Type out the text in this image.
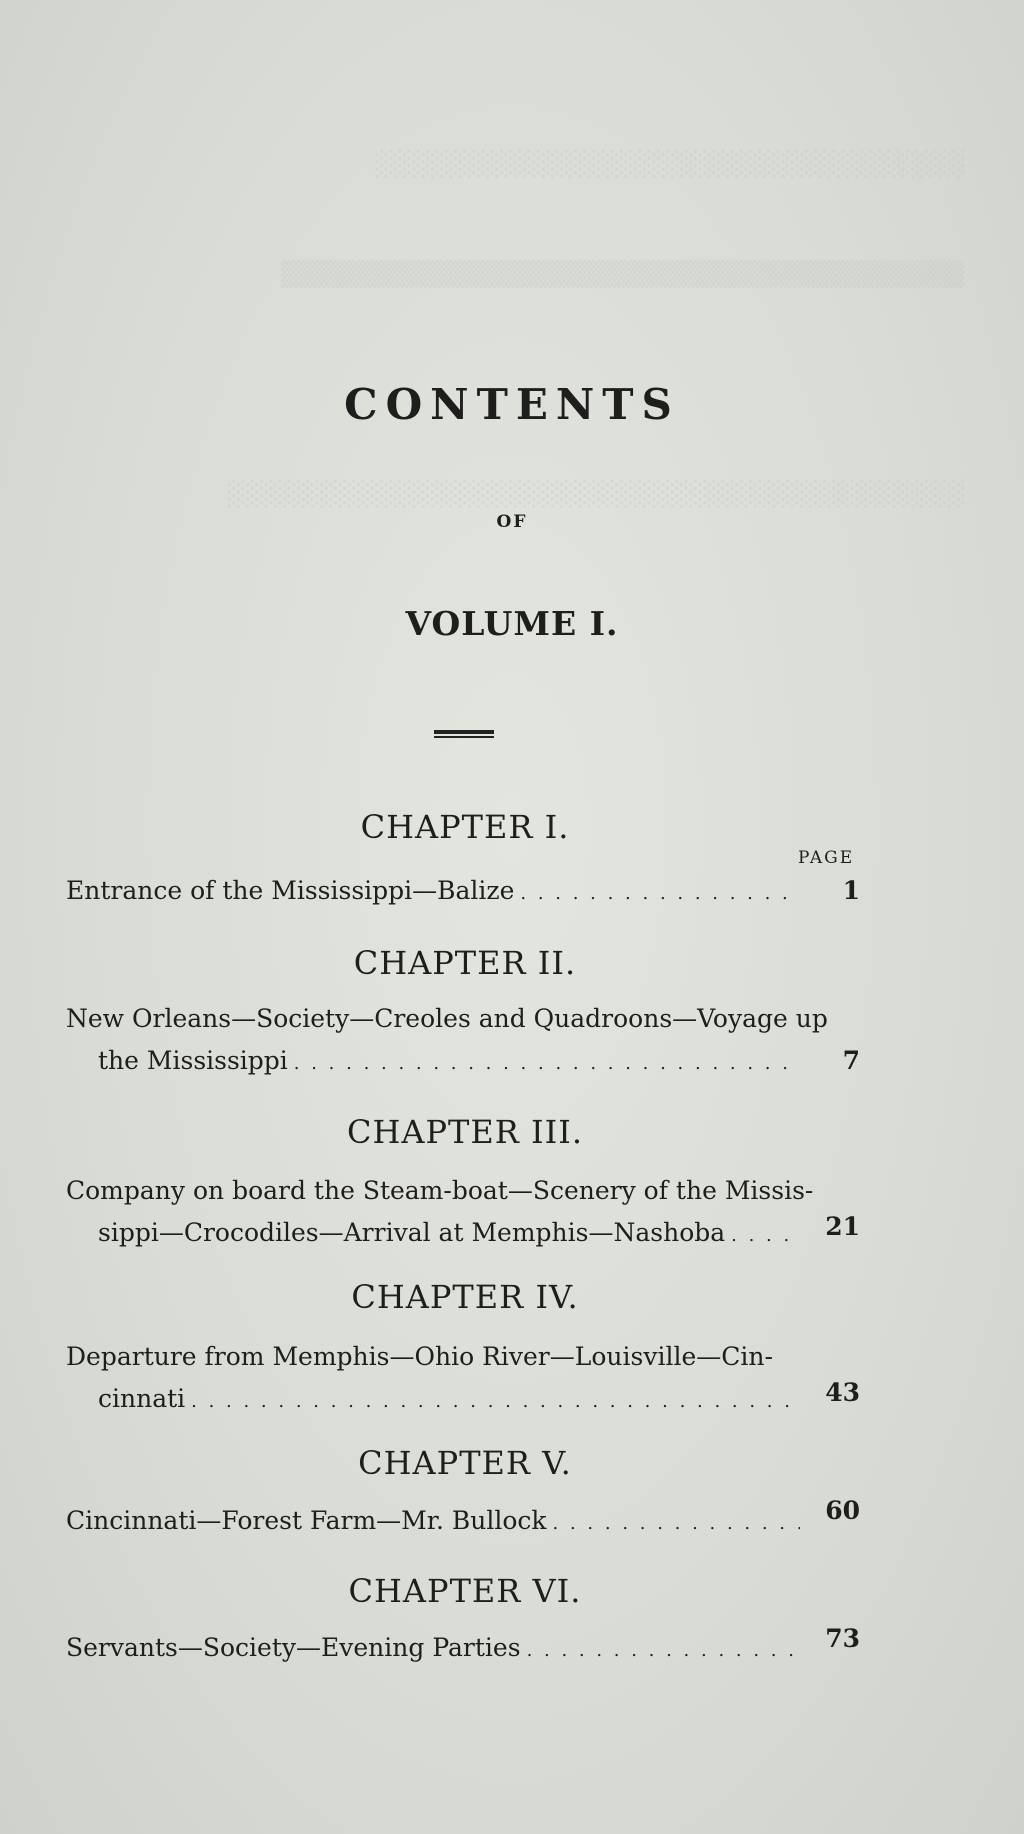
░░░░░░░░░░░░░░░░░░░░░░░░░░░░░░░░
▒▒▒▒▒▒▒▒▒▒▒▒▒▒▒▒▒▒▒▒▒▒▒▒▒▒▒▒▒▒▒▒▒▒▒▒▒
░░░░░░░░░░░░░░░░░░░░░░░░░░░░░░░░░░░░░░░░
CONTENTS
OF
VOLUME I.
CHAPTER I.
PAGE
Entrance of the Mississippi—Balize . . .	1
CHAPTER II.
New Orleans—Society—Creoles and Quadroons—Voyage up
the Mississippi . . .	7
CHAPTER III.
Company on board the Steam-boat—Scenery of the Missis-
sippi—Crocodiles—Arrival at Memphis—Nashoba . . .	21
CHAPTER IV.
Departure from Memphis—Ohio River—Louisville—Cin-
cinnati . . .	43
CHAPTER V.
Cincinnati—Forest Farm—Mr. Bullock . . .	60
CHAPTER VI.
Servants—Society—Evening Parties . . .	73
